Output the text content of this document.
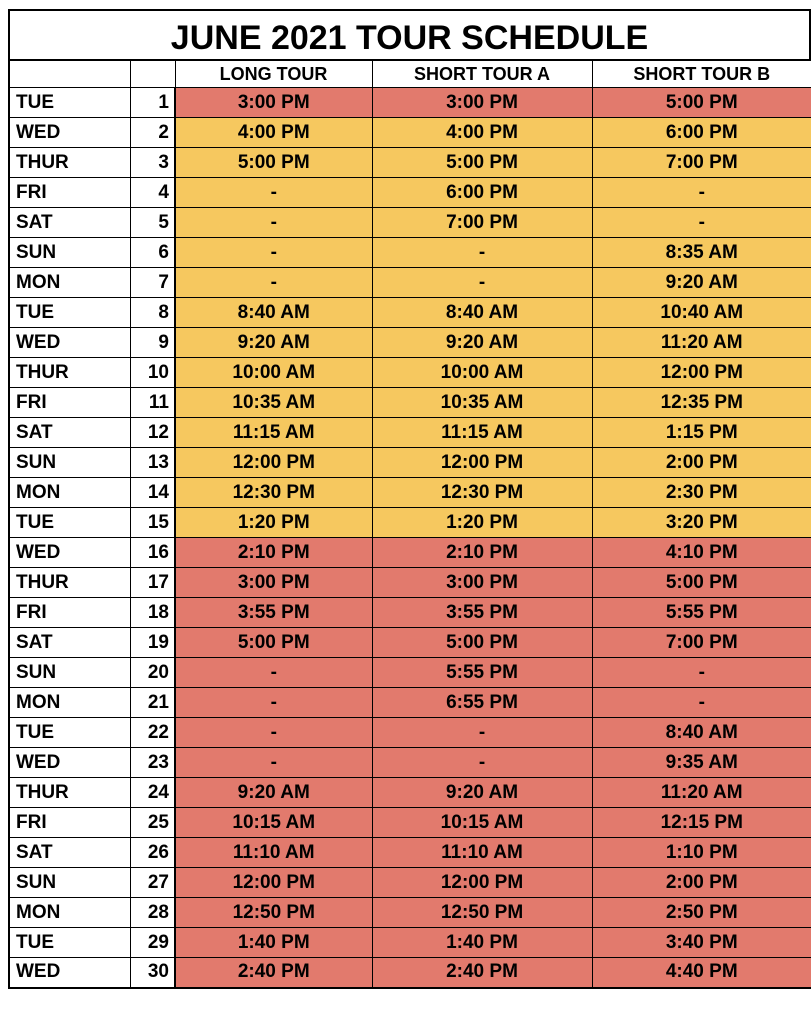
JUNE 2021 TOUR SCHEDULE
		LONG TOUR	SHORT TOUR A	SHORT TOUR B
TUE	1	3:00 PM	3:00 PM	5:00 PM
WED	2	4:00 PM	4:00 PM	6:00 PM
THUR	3	5:00 PM	5:00 PM	7:00 PM
FRI	4	-	6:00 PM	-
SAT	5	-	7:00 PM	-
SUN	6	-	-	8:35 AM
MON	7	-	-	9:20 AM
TUE	8	8:40 AM	8:40 AM	10:40 AM
WED	9	9:20 AM	9:20 AM	11:20 AM
THUR	10	10:00 AM	10:00 AM	12:00 PM
FRI	11	10:35 AM	10:35 AM	12:35 PM
SAT	12	11:15 AM	11:15 AM	1:15 PM
SUN	13	12:00 PM	12:00 PM	2:00 PM
MON	14	12:30 PM	12:30 PM	2:30 PM
TUE	15	1:20 PM	1:20 PM	3:20 PM
WED	16	2:10 PM	2:10 PM	4:10 PM
THUR	17	3:00 PM	3:00 PM	5:00 PM
FRI	18	3:55 PM	3:55 PM	5:55 PM
SAT	19	5:00 PM	5:00 PM	7:00 PM
SUN	20	-	5:55 PM	-
MON	21	-	6:55 PM	-
TUE	22	-	-	8:40 AM
WED	23	-	-	9:35 AM
THUR	24	9:20 AM	9:20 AM	11:20 AM
FRI	25	10:15 AM	10:15 AM	12:15 PM
SAT	26	11:10 AM	11:10 AM	1:10 PM
SUN	27	12:00 PM	12:00 PM	2:00 PM
MON	28	12:50 PM	12:50 PM	2:50 PM
TUE	29	1:40 PM	1:40 PM	3:40 PM
WED	30	2:40 PM	2:40 PM	4:40 PM
